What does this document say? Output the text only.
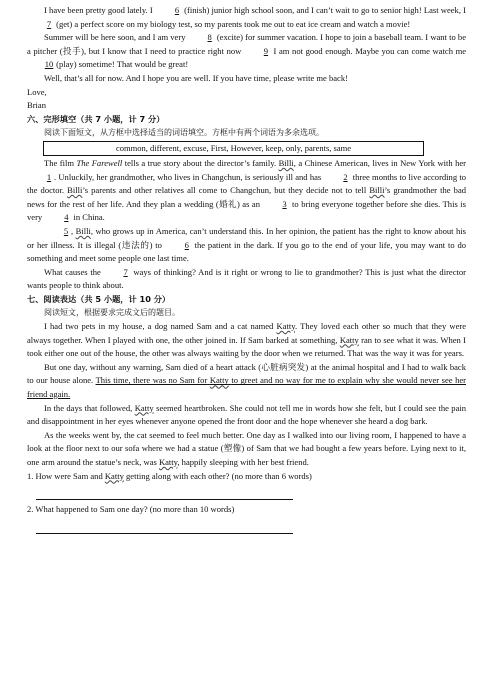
I have been pretty good lately. I	6 (finish) junior high school soon, and I can’t wait to go to senior high! Last week, I 7 (get) a perfect score on my biology test, so my parents took me out to eat ice cream and watch a movie!

Summer will be here soon, and I am very	8 (excite) for summer vacation. I hope to join a baseball team. I want to be a pitcher (投手), but I know that I need to practice right now	9 I am not good enough. Maybe you can come watch me 10 (play) sometime! That would be great!

Well, that’s all for now. And I hope you are well. If you have time, please write me back!

Love,

Brian

六、完形填空（共 7 小题，计 7 分）

阅读下面短文，从方框中选择适当的词语填空。方框中有两个词语为多余选项。

common, different, excuse, First, However, keep, only, parents, same

The film The Farewell tells a true story about the director’s family. Billi, a Chinese American, lives in New York with her 1 . Unluckily, her grandmother, who lives in Changchun, is seriously ill and has	2 three months to live according to the doctor. Billi’s parents and other relatives all come to Changchun, but they decide not to tell Billi’s grandmother the bad news for the rest of her life. And they plan a wedding (婚礼) as an	3 to bring everyone together before she dies. This is very	4 in China.

5 , Billi, who grows up in America, can’t understand this. In her opinion, the patient has the right to know about his or her illness. It is illegal (违法的) to	6 the patient in the dark. If you go to the end of your life, you may want to do something and meet some people one last time.

What causes the	7 ways of thinking? And is it right or wrong to lie to grandmother? This is just what the director wants people to think about.

七、阅读表达（共 5 小题，计 10 分）

阅读短文，根据要求完成文后的题目。

I had two pets in my house, a dog named Sam and a cat named Katty. They loved each other so much that they were always together. When I played with one, the other joined in. If Sam barked at something, Katty ran to see what it was. When I took either one out of the house, the other was always waiting by the door when we returned. That was the way it was for years.

But one day, without any warning, Sam died of a heart attack (心脏病突发) at the animal hospital and I had to walk back to our house alone. This time, there was no Sam for Katty to greet and no way for me to explain why she would never see her friend again.

In the days that followed, Katty seemed heartbroken. She could not tell me in words how she felt, but I could see the pain and disappointment in her eyes whenever anyone opened the front door and the hope whenever she heard a dog bark.

As the weeks went by, the cat seemed to feel much better. One day as I walked into our living room, I happened to have a look at the floor next to our sofa where we had a statue (塑像) of Sam that we had bought a few years before. Lying next to it, one arm around the statue’s neck, was Katty, happily sleeping with her best friend.

1. How were Sam and Katty getting along with each other? (no more than 6 words)

2. What happened to Sam one day? (no more than 10 words)
